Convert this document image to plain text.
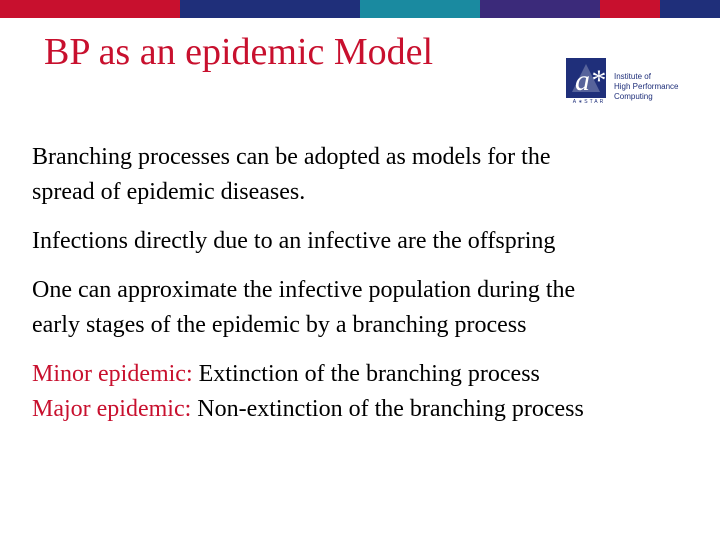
BP as an epidemic Model
a*
A∗STAR
Institute of
High Performance
Computing
Branching processes can be adopted as models for the
spread of epidemic diseases.
Infections directly due to an infective are the offspring
One can approximate the infective population during the
early stages of the epidemic by a branching process
Minor epidemic: Extinction of the branching process
Major epidemic: Non-extinction of the branching process
